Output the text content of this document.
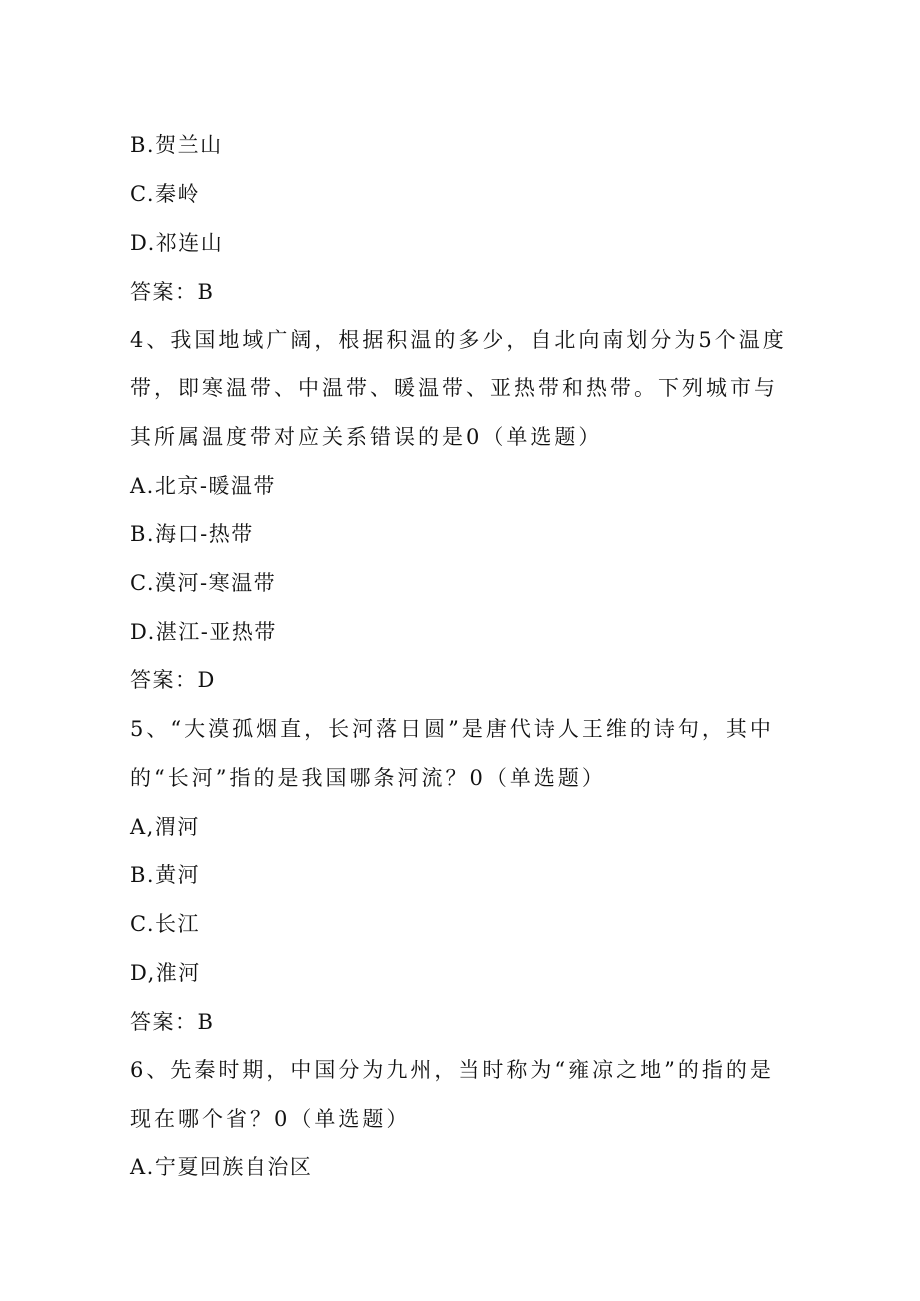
B.贺兰山
C.秦岭
D.祁连山
答案：B
4、我国地域广阔，根据积温的多少，自北向南划分为5个温度
带，即寒温带、中温带、暖温带、亚热带和热带。下列城市与
其所属温度带对应关系错误的是0（单选题）
A.北京-暖温带
B.海口-热带
C.漠河-寒温带
D.湛江-亚热带
答案：D
5、“大漠孤烟直，长河落日圆”是唐代诗人王维的诗句，其中
的“长河”指的是我国哪条河流？0（单选题）
A,渭河
B.黄河
C.长江
D,淮河
答案：B
6、先秦时期，中国分为九州，当时称为“雍凉之地”的指的是
现在哪个省？0（单选题）
A.宁夏回族自治区
